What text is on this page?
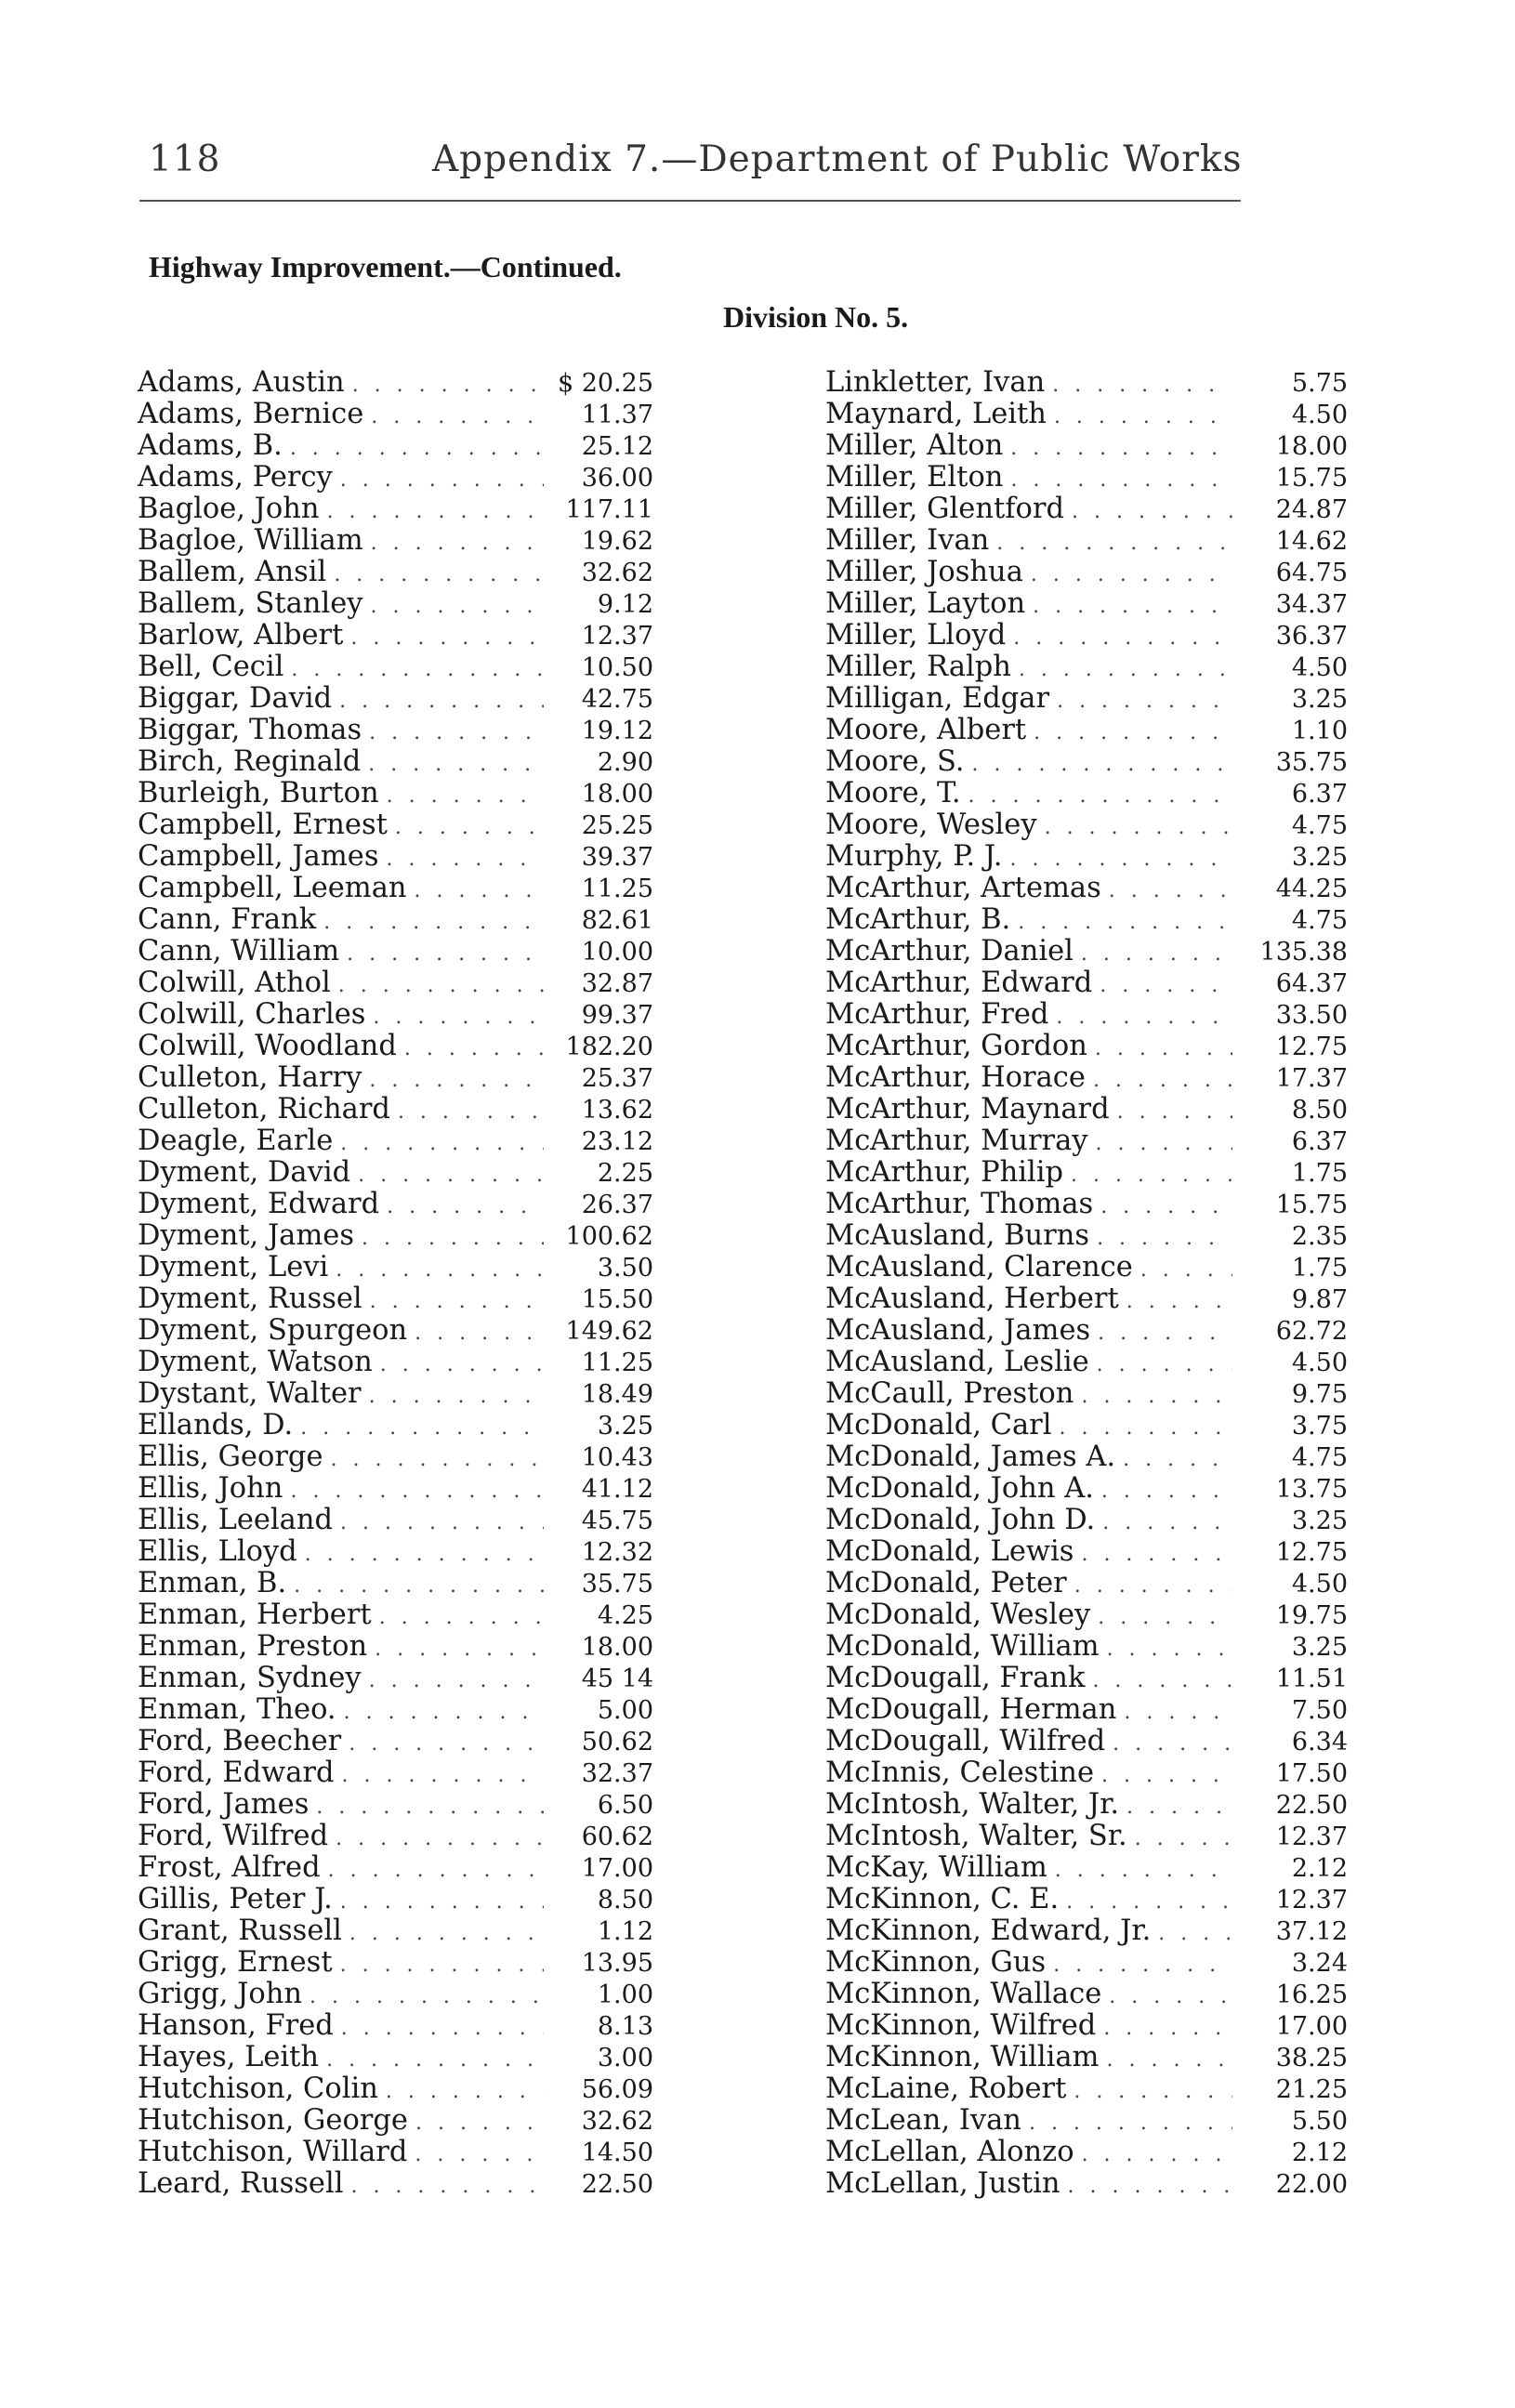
118	Appendix 7.—Department of Public Works
Highway Improvement.—Continued.
Division No. 5.
Adams, Austin . . .	$ 20.25
Adams, Bernice . . .	11.37
Adams, B. . . .	25.12
Adams, Percy . . .	36.00
Bagloe, John . . .	117.11
Bagloe, William . . .	19.62
Ballem, Ansil . . .	32.62
Ballem, Stanley . . .	9.12
Barlow, Albert . . .	12.37
Bell, Cecil . . .	10.50
Biggar, David . . .	42.75
Biggar, Thomas . . .	19.12
Birch, Reginald . . .	2.90
Burleigh, Burton . . .	18.00
Campbell, Ernest . . .	25.25
Campbell, James . . .	39.37
Campbell, Leeman . . .	11.25
Cann, Frank . . .	82.61
Cann, William . . .	10.00
Colwill, Athol . . .	32.87
Colwill, Charles . . .	99.37
Colwill, Woodland . . .	182.20
Culleton, Harry . . .	25.37
Culleton, Richard . . .	13.62
Deagle, Earle . . .	23.12
Dyment, David . . .	2.25
Dyment, Edward . . .	26.37
Dyment, James . . .	100.62
Dyment, Levi . . .	3.50
Dyment, Russel . . .	15.50
Dyment, Spurgeon . . .	149.62
Dyment, Watson . . .	11.25
Dystant, Walter . . .	18.49
Ellands, D. . . .	3.25
Ellis, George . . .	10.43
Ellis, John . . .	41.12
Ellis, Leeland . . .	45.75
Ellis, Lloyd . . .	12.32
Enman, B. . . .	35.75
Enman, Herbert . . .	4.25
Enman, Preston . . .	18.00
Enman, Sydney . . .	45 14
Enman, Theo. . . .	5.00
Ford, Beecher . . .	50.62
Ford, Edward . . .	32.37
Ford, James . . .	6.50
Ford, Wilfred . . .	60.62
Frost, Alfred . . .	17.00
Gillis, Peter J. . . .	8.50
Grant, Russell . . .	1.12
Grigg, Ernest . . .	13.95
Grigg, John . . .	1.00
Hanson, Fred . . .	8.13
Hayes, Leith . . .	3.00
Hutchison, Colin . . .	56.09
Hutchison, George . . .	32.62
Hutchison, Willard . . .	14.50
Leard, Russell . . .	22.50
Linkletter, Ivan . . .	5.75
Maynard, Leith . . .	4.50
Miller, Alton . . .	18.00
Miller, Elton . . .	15.75
Miller, Glentford . . .	24.87
Miller, Ivan . . .	14.62
Miller, Joshua . . .	64.75
Miller, Layton . . .	34.37
Miller, Lloyd . . .	36.37
Miller, Ralph . . .	4.50
Milligan, Edgar . . .	3.25
Moore, Albert . . .	1.10
Moore, S. . . .	35.75
Moore, T. . . .	6.37
Moore, Wesley . . .	4.75
Murphy, P. J. . . .	3.25
McArthur, Artemas . . .	44.25
McArthur, B. . . .	4.75
McArthur, Daniel . . .	135.38
McArthur, Edward . . .	64.37
McArthur, Fred . . .	33.50
McArthur, Gordon . . .	12.75
McArthur, Horace . . .	17.37
McArthur, Maynard . . .	8.50
McArthur, Murray . . .	6.37
McArthur, Philip . . .	1.75
McArthur, Thomas . . .	15.75
McAusland, Burns . . .	2.35
McAusland, Clarence . . .	1.75
McAusland, Herbert . . .	9.87
McAusland, James . . .	62.72
McAusland, Leslie . . .	4.50
McCaull, Preston . . .	9.75
McDonald, Carl . . .	3.75
McDonald, James A. . . .	4.75
McDonald, John A. . . .	13.75
McDonald, John D. . . .	3.25
McDonald, Lewis . . .	12.75
McDonald, Peter . . .	4.50
McDonald, Wesley . . .	19.75
McDonald, William . . .	3.25
McDougall, Frank . . .	11.51
McDougall, Herman . . .	7.50
McDougall, Wilfred . . .	6.34
McInnis, Celestine . . .	17.50
McIntosh, Walter, Jr. . . .	22.50
McIntosh, Walter, Sr. . . .	12.37
McKay, William . . .	2.12
McKinnon, C. E. . . .	12.37
McKinnon, Edward, Jr. . . .	37.12
McKinnon, Gus . . .	3.24
McKinnon, Wallace . . .	16.25
McKinnon, Wilfred . . .	17.00
McKinnon, William . . .	38.25
McLaine, Robert . . .	21.25
McLean, Ivan . . .	5.50
McLellan, Alonzo . . .	2.12
McLellan, Justin . . .	22.00
